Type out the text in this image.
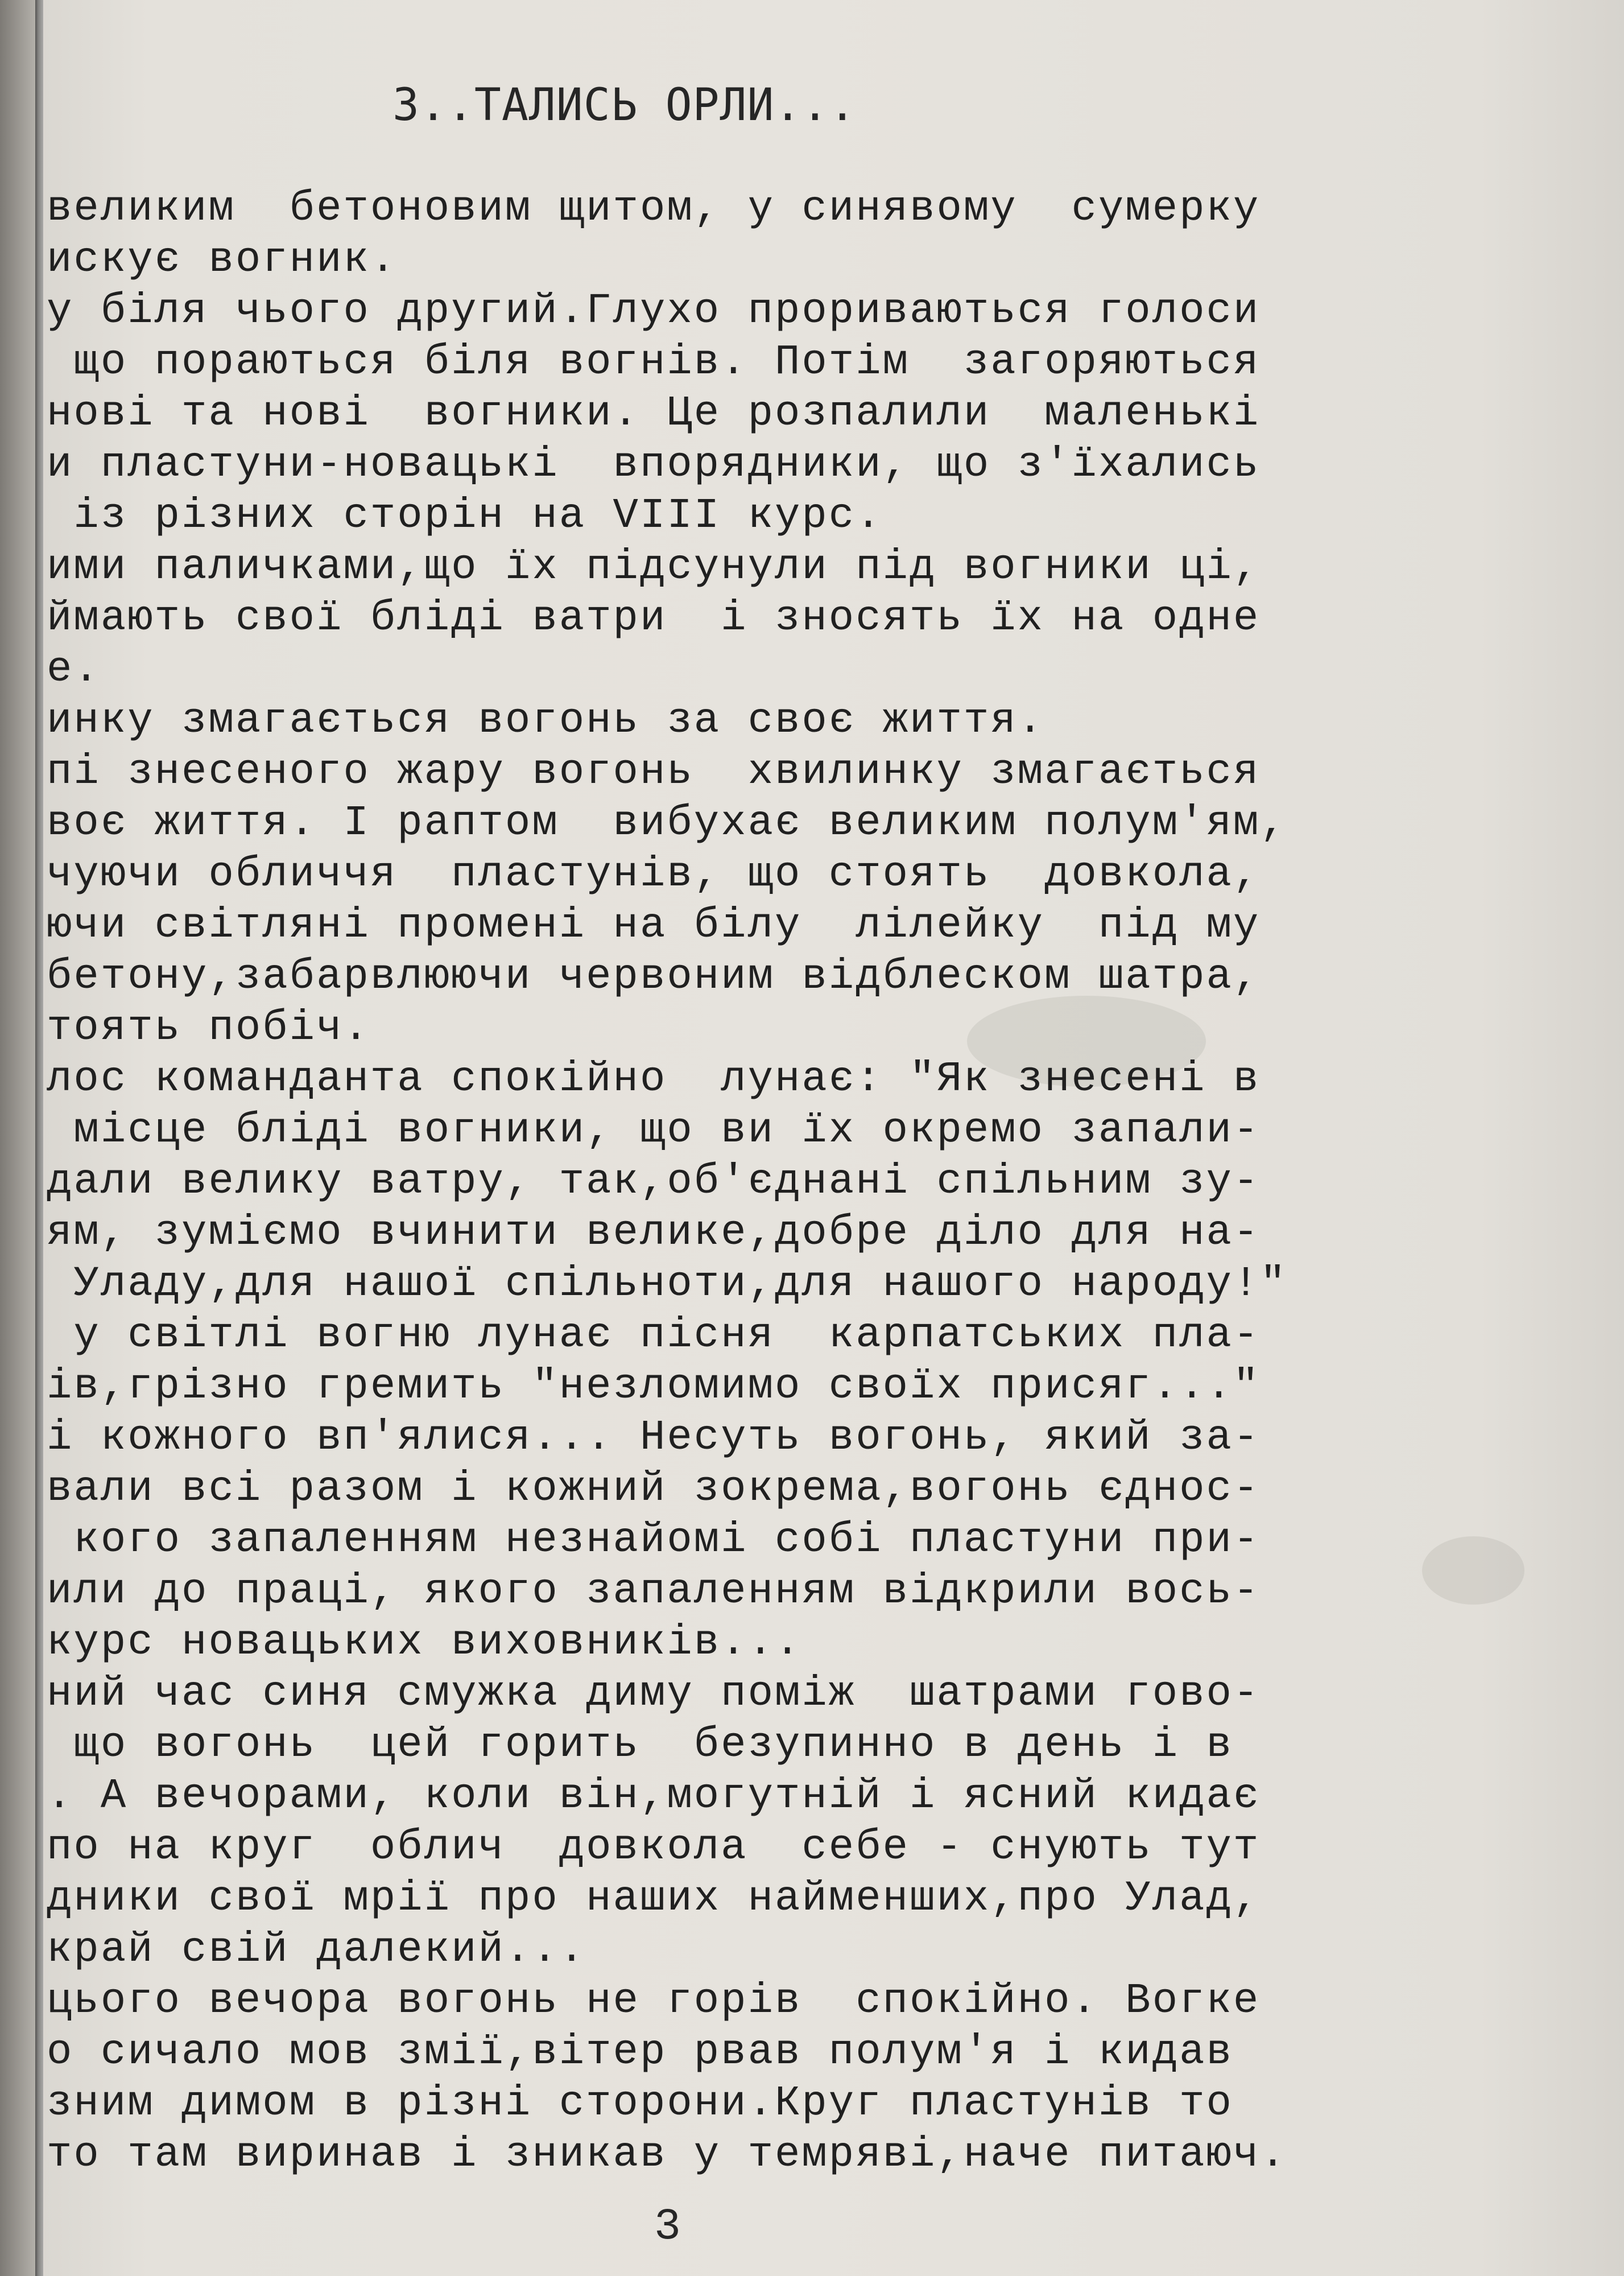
З..ТАЛИСЬ ОРЛИ...
великим  бетоновим щитом, у синявому  сумерку
искує вогник.
у біля чього другий.Глухо прориваються голоси
що пораються біля вогнів. Потім  загоряються
нові та нові  вогники. Це розпалили  маленькі
и пластуни-новацькі  впорядники, що з'їхались
із різних сторін на VIII курс.
ими паличками,що їх підсунули під вогники ці,
ймають свої бліді ватри  і зносять їх на одне
е.
инку змагається вогонь за своє життя.
пі знесеного жару вогонь  хвилинку змагається
воє життя. І раптом  вибухає великим полум'ям,
чуючи обличчя  пластунів, що стоять  довкола,
ючи світляні промені на білу  лілейку  під му
бетону,забарвлюючи червоним відблеском шатра,
тоять побіч.
лос команданта спокійно  лунає: "Як знесені в
місце бліді вогники, що ви їх окремо запали-
дали велику ватру, так,об'єднані спільним зу-
ям, зуміємо вчинити велике,добре діло для на-
Уладу,для нашої спільноти,для нашого народу!"
у світлі вогню лунає пісня  карпатських пла-
ів,грізно гремить "незломимо своїх присяг..."
і кожного вп'ялися... Несуть вогонь, який за-
вали всі разом і кожний зокрема,вогонь єднос-
кого запаленням незнайомі собі пластуни при-
или до праці, якого запаленням відкрили вось-
курс новацьких виховників...
ний час синя смужка диму поміж  шатрами гово-
що вогонь  цей горить  безупинно в день і в
. А вечорами, коли він,могутній і ясний кидає
по на круг  облич  довкола  себе - снують тут
дники свої мрії про наших найменших,про Улад,
край свій далекий...
цього вечора вогонь не горів  спокійно. Вогке
о сичало мов змії,вітер рвав полум'я і кидав
зним димом в різні сторони.Круг пластунів то
то там виринав і зникав у темряві,наче питаюч.
3
